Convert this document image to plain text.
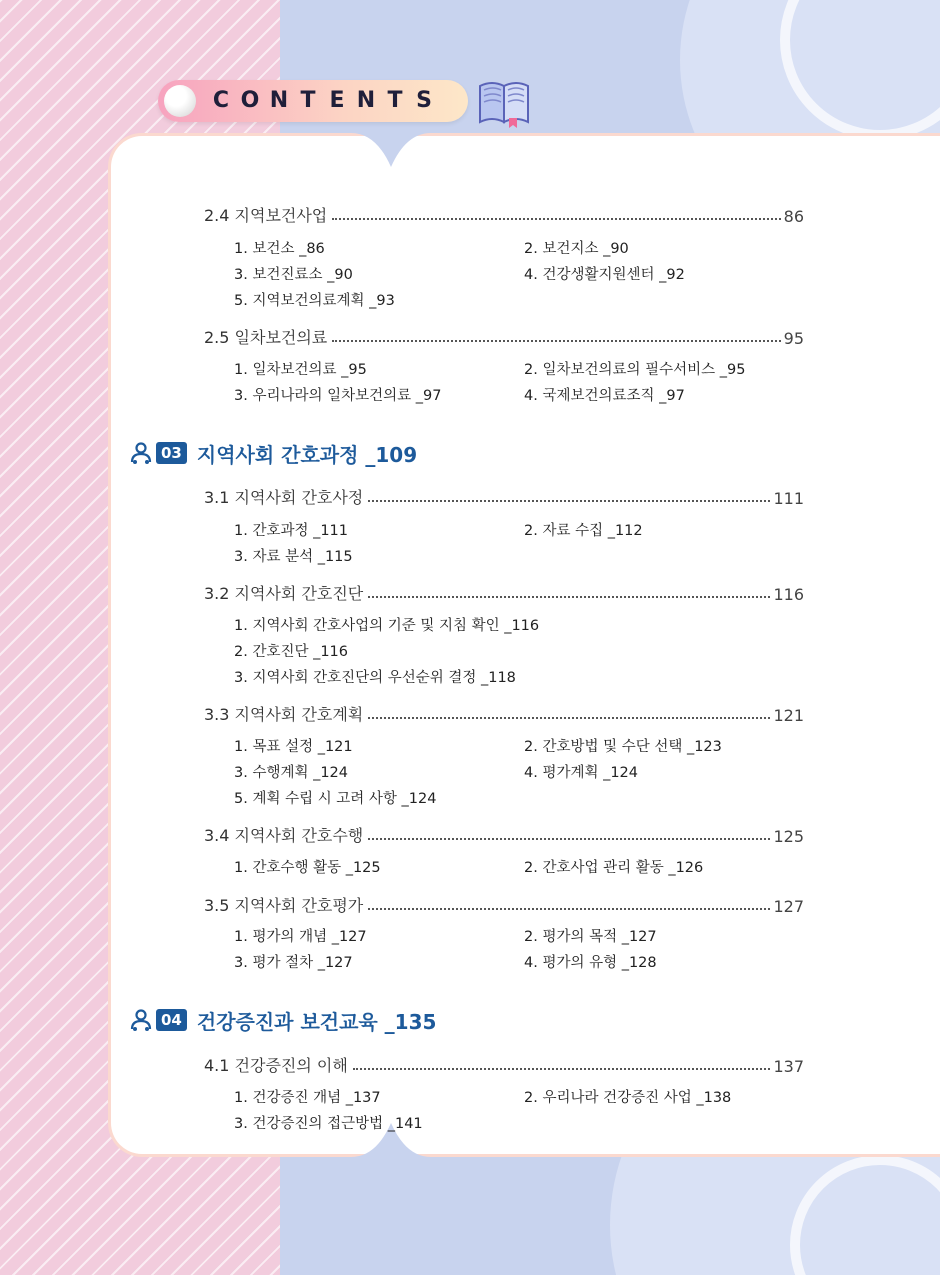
C O N T E N T S
2.4 지역보건사업	86
1. 보건소 _86	2. 보건지소 _90
3. 보건진료소 _90	4. 건강생활지원센터 _92
5. 지역보건의료계획 _93
2.5 일차보건의료	95
1. 일차보건의료 _95	2. 일차보건의료의 필수서비스 _95
3. 우리나라의 일차보건의료 _97	4. 국제보건의료조직 _97
03 지역사회 간호과정 _109
3.1 지역사회 간호사정	111
1. 간호과정 _111	2. 자료 수집 _112
3. 자료 분석 _115
3.2 지역사회 간호진단	116
1. 지역사회 간호사업의 기준 및 지침 확인 _116
2. 간호진단 _116
3. 지역사회 간호진단의 우선순위 결정 _118
3.3 지역사회 간호계획	121
1. 목표 설정 _121	2. 간호방법 및 수단 선택 _123
3. 수행계획 _124	4. 평가계획 _124
5. 계획 수립 시 고려 사항 _124
3.4 지역사회 간호수행	125
1. 간호수행 활동 _125	2. 간호사업 관리 활동 _126
3.5 지역사회 간호평가	127
1. 평가의 개념 _127	2. 평가의 목적 _127
3. 평가 절차 _127	4. 평가의 유형 _128
04 건강증진과 보건교육 _135
4.1 건강증진의 이해	137
1. 건강증진 개념 _137	2. 우리나라 건강증진 사업 _138
3. 건강증진의 접근방법 _141
